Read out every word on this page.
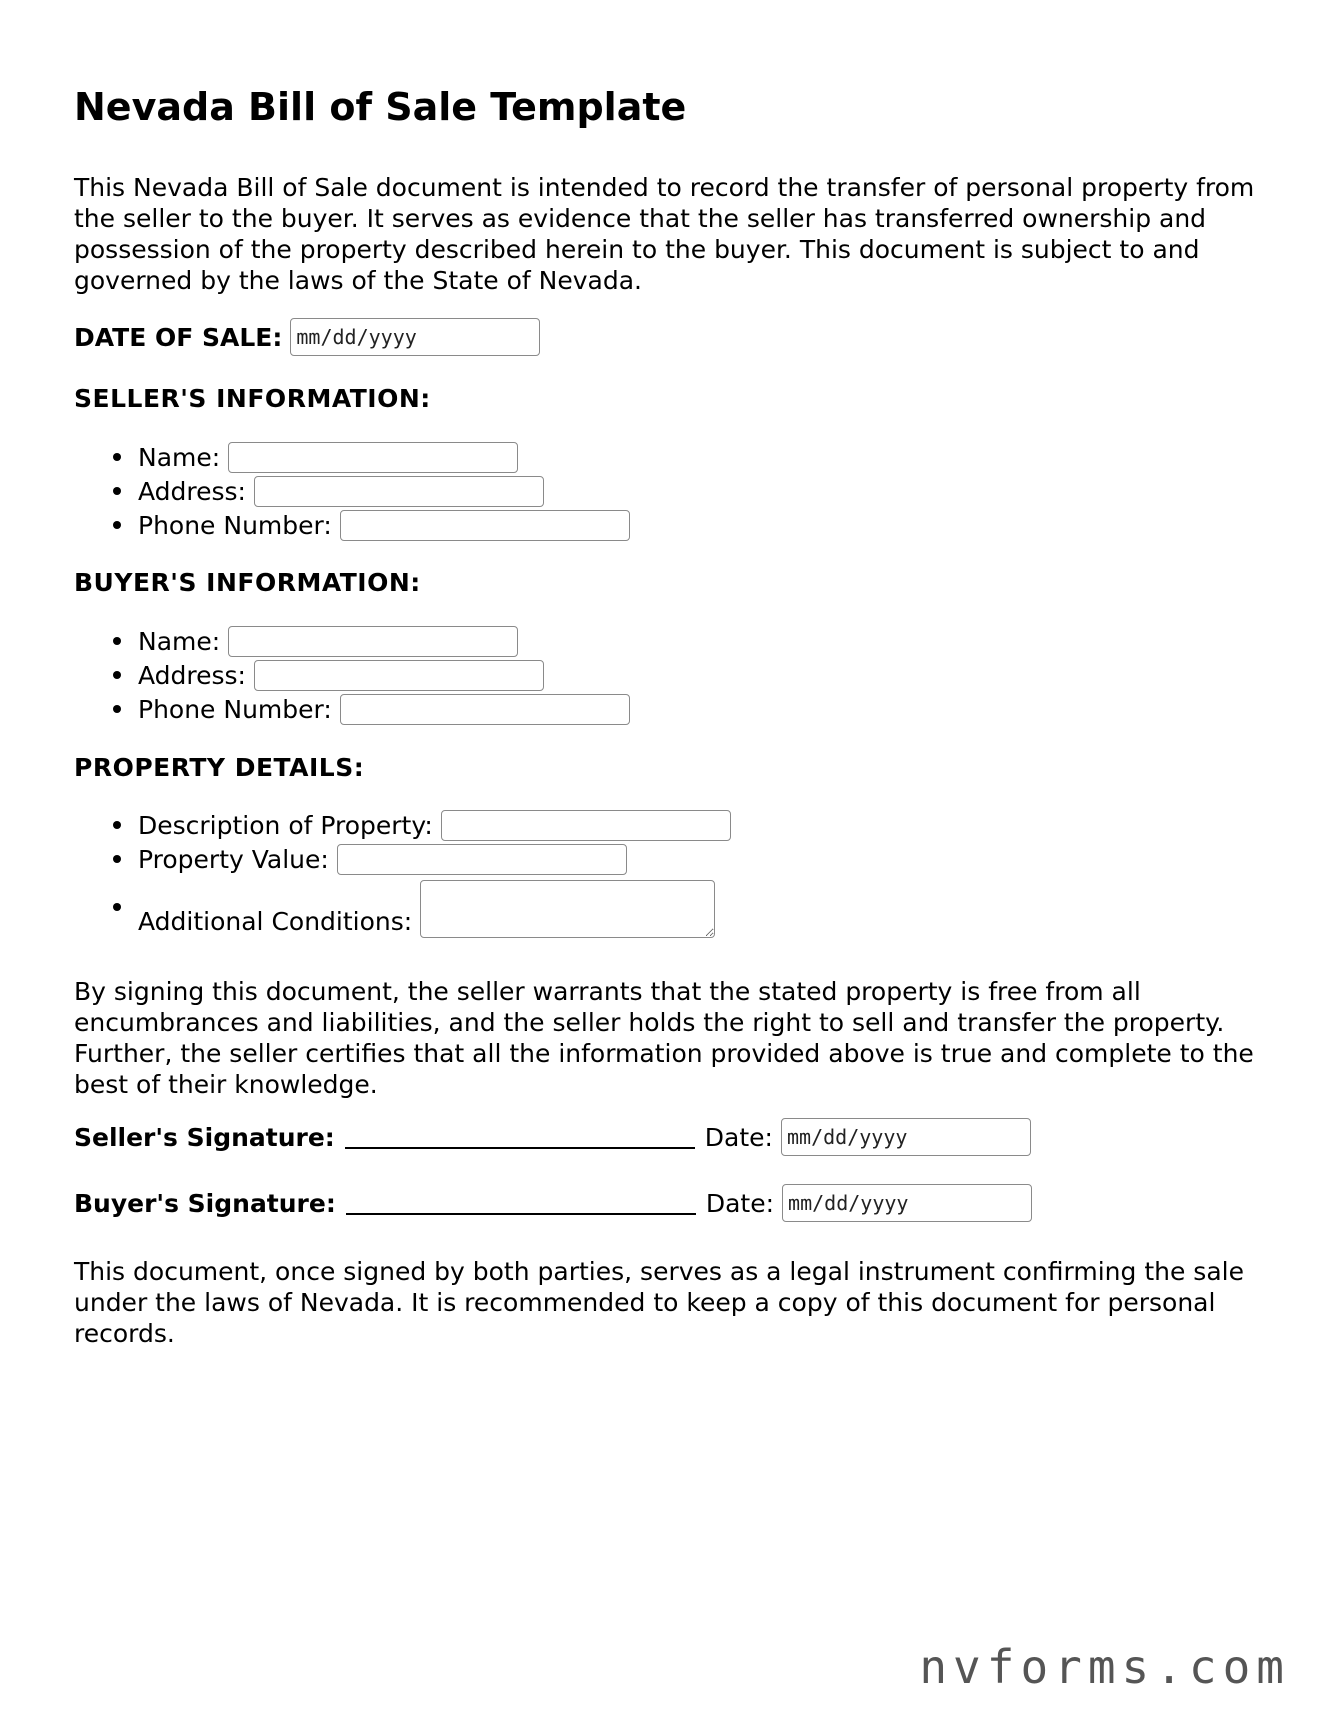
Nevada Bill of Sale Template

This Nevada Bill of Sale document is intended to record the transfer of personal property from the seller to the buyer. It serves as evidence that the seller has transferred ownership and possession of the property described herein to the buyer. This document is subject to and governed by the laws of the State of Nevada.

DATE OF SALE: mm/dd/yyyy
SELLER'S INFORMATION:
Name:
Address:
Phone Number:
BUYER'S INFORMATION:
Name:
Address:
Phone Number:
PROPERTY DETAILS:
Description of Property:
Property Value:
Additional Conditions:

By signing this document, the seller warrants that the stated property is free from all encumbrances and liabilities, and the seller holds the right to sell and transfer the property. Further, the seller certifies that all the information provided above is true and complete to the best of their knowledge.

Seller's Signature:	Date: mm/dd/yyyy
Buyer's Signature:	Date: mm/dd/yyyy

This document, once signed by both parties, serves as a legal instrument confirming the sale under the laws of Nevada. It is recommended to keep a copy of this document for personal records.

nvforms.com
